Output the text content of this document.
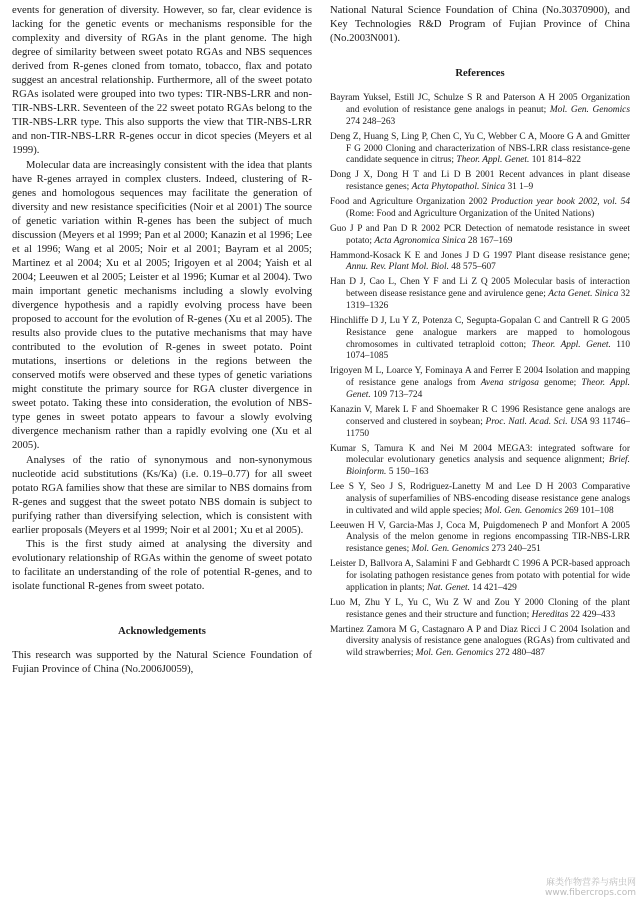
events for generation of diversity. However, so far, clear evidence is lacking for the genetic events or mechanisms responsible for the complexity and diversity of RGAs in the plant genome. The high degree of similarity between sweet potato RGAs and NBS sequences derived from R-genes cloned from tomato, tobacco, flax and potato suggest an ancestral relationship. Furthermore, all of the sweet potato RGAs isolated were grouped into two types: TIR-NBS-LRR and non-TIR-NBS-LRR. Seventeen of the 22 sweet potato RGAs belong to the TIR-NBS-LRR type. This also supports the view that TIR-NBS-LRR and non-TIR-NBS-LRR R-genes occur in dicot species (Meyers et al 1999).

Molecular data are increasingly consistent with the idea that plants have R-genes arrayed in complex clusters. Indeed, clustering of R-genes and homologous sequences may facilitate the generation of diversity and new resistance specificities (Noir et al 2001) The source of genetic variation within R-genes has been the subject of much discussion (Meyers et al 1999; Pan et al 2000; Kanazin et al 1996; Lee et al 1996; Wang et al 2005; Noir et al 2001; Bayram et al 2005; Martinez et al 2004; Xu et al 2005; Irigoyen et al 2004; Yaish et al 2004; Leeuwen et al 2005; Leister et al 1996; Kumar et al 2004). Two main important genetic mechanisms including a slowly evolving divergence hypothesis and a rapidly evolving process have been proposed to account for the evolution of R-genes (Xu et al 2005). The results also provide clues to the putative mechanisms that may have contributed to the evolution of R-genes in sweet potato. Point mutations, insertions or deletions in the regions between the conserved motifs were observed and these types of genetic variations might constitute the primary source for RGA cluster divergence in sweet potato. Taking these into consideration, the evolution of NBS-type genes in sweet potato appears to favour a slowly evolving divergence mechanism rather than a rapidly evolving one (Xu et al 2005).

Analyses of the ratio of synonymous and non-synonymous nucleotide acid substitutions (Ks/Ka) (i.e. 0.19–0.77) for all sweet potato RGA families show that these are similar to NBS domains from R-genes and suggest that the sweet potato NBS domain is subject to purifying rather than diversifying selection, which is consistent with earlier proposals (Meyers et al 1999; Noir et al 2001; Xu et al 2005).

This is the first study aimed at analysing the diversity and evolutionary relationship of RGAs within the genome of sweet potato to facilitate an understanding of the role of potential R-genes, and to isolate functional R-genes from sweet potato.

Acknowledgements

This research was supported by the Natural Science Foundation of Fujian Province of China (No.2006J0059),

National Natural Science Foundation of China (No.30370900), and Key Technologies R&D Program of Fujian Province of China (No.2003N001).

References
Bayram Yuksel, Estill JC, Schulze S R and Paterson A H 2005 Organization and evolution of resistance gene analogs in peanut; Mol. Gen. Genomics 274 248–263
Deng Z, Huang S, Ling P, Chen C, Yu C, Webber C A, Moore G A and Gmitter F G 2000 Cloning and characterization of NBS-LRR class resistance-gene candidate sequence in citrus; Theor. Appl. Genet. 101 814–822
Dong J X, Dong H T and Li D B 2001 Recent advances in plant disease resistance genes; Acta Phytopathol. Sinica 31 1–9
Food and Agriculture Organization 2002 Production year book 2002, vol. 54 (Rome: Food and Agriculture Organization of the United Nations)
Guo J P and Pan D R 2002 PCR Detection of nematode resistance in sweet potato; Acta Agronomica Sinica 28 167–169
Hammond-Kosack K E and Jones J D G 1997 Plant disease resistance gene; Annu. Rev. Plant Mol. Biol. 48 575–607
Han D J, Cao L, Chen Y F and Li Z Q 2005 Molecular basis of interaction between disease resistance gene and avirulence gene; Acta Genet. Sinica 32 1319–1326
Hinchliffe D J, Lu Y Z, Potenza C, Segupta-Gopalan C and Cantrell R G 2005 Resistance gene analogue markers are mapped to homologous chromosomes in cultivated tetraploid cotton; Theor. Appl. Genet. 110 1074–1085
Irigoyen M L, Loarce Y, Fominaya A and Ferrer E 2004 Isolation and mapping of resistance gene analogs from Avena strigosa genome; Theor. Appl. Genet. 109 713–724
Kanazin V, Marek L F and Shoemaker R C 1996 Resistance gene analogs are conserved and clustered in soybean; Proc. Natl. Acad. Sci. USA 93 11746–11750
Kumar S, Tamura K and Nei M 2004 MEGA3: integrated software for molecular evolutionary genetics analysis and sequence alignment; Brief. Bioinform. 5 150–163
Lee S Y, Seo J S, Rodriguez-Lanetty M and Lee D H 2003 Comparative analysis of superfamilies of NBS-encoding disease resistance gene analogs in cultivated and wild apple species; Mol. Gen. Genomics 269 101–108
Leeuwen H V, Garcia-Mas J, Coca M, Puigdomenech P and Monfort A 2005 Analysis of the melon genome in regions encompassing TIR-NBS-LRR resistance genes; Mol. Gen. Genomics 273 240–251
Leister D, Ballvora A, Salamini F and Gebhardt C 1996 A PCR-based approach for isolating pathogen resistance genes from potato with potential for wide application in plants; Nat. Genet. 14 421–429
Luo M, Zhu Y L, Yu C, Wu Z W and Zou Y 2000 Cloning of the plant resistance genes and their structure and function; Hereditas 22 429–433
Martinez Zamora M G, Castagnaro A P and Diaz Ricci J C 2004 Isolation and diversity analysis of resistance gene analogues (RGAs) from cultivated and wild strawberries; Mol. Gen. Genomics 272 480–487
麻类作物营养与病虫网
www.fibercrops.com
